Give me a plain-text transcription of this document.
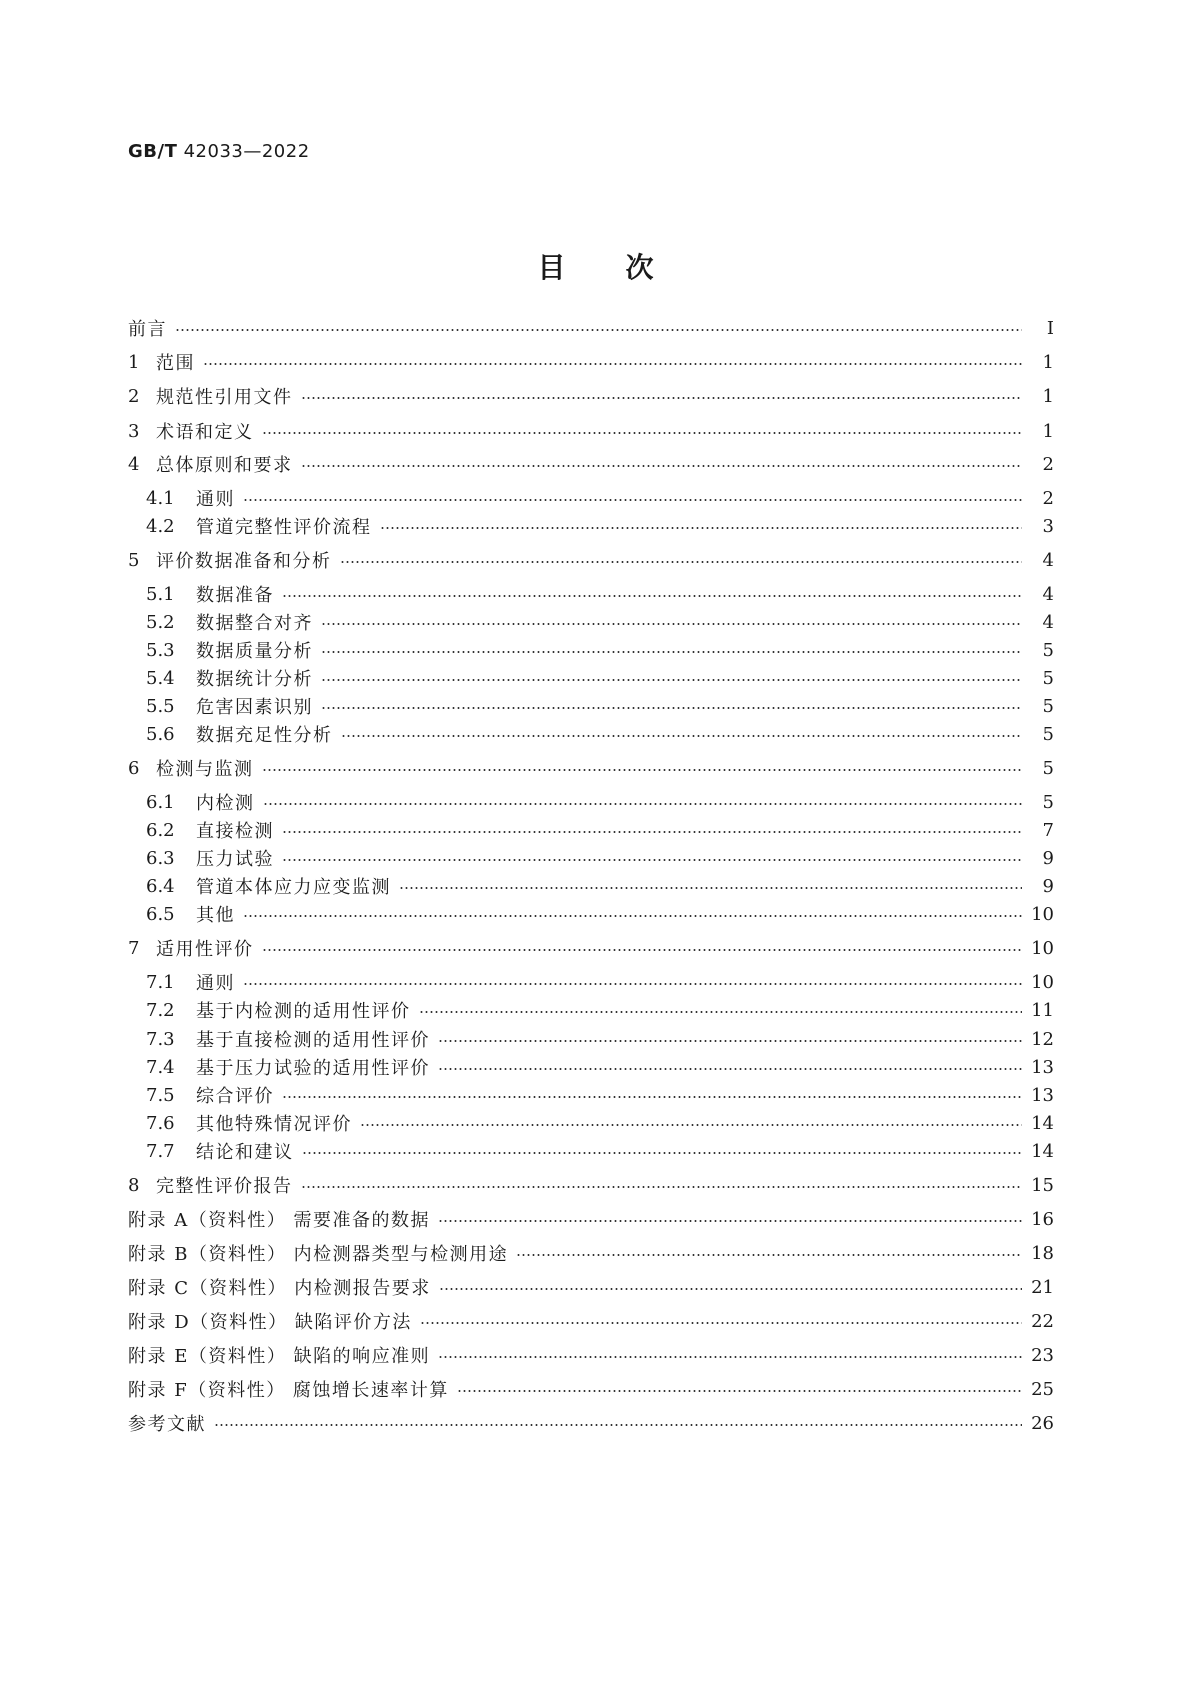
GB/T 42033—2022
目 次
前言	Ⅰ
1 范围	1
2 规范性引用文件	1
3 术语和定义	1
4 总体原则和要求	2
4.1	通则	2
4.2	管道完整性评价流程	3
5 评价数据准备和分析	4
5.1	数据准备	4
5.2	数据整合对齐	4
5.3	数据质量分析	5
5.4	数据统计分析	5
5.5	危害因素识别	5
5.6	数据充足性分析	5
6 检测与监测	5
6.1	内检测	5
6.2	直接检测	7
6.3	压力试验	9
6.4	管道本体应力应变监测	9
6.5	其他	10
7 适用性评价	10
7.1	通则	10
7.2	基于内检测的适用性评价	11
7.3	基于直接检测的适用性评价	12
7.4	基于压力试验的适用性评价	13
7.5	综合评价	13
7.6	其他特殊情况评价	14
7.7	结论和建议	14
8 完整性评价报告	15
附录 A（资料性） 需要准备的数据	16
附录 B（资料性） 内检测器类型与检测用途	18
附录 C（资料性） 内检测报告要求	21
附录 D（资料性） 缺陷评价方法	22
附录 E（资料性） 缺陷的响应准则	23
附录 F（资料性） 腐蚀增长速率计算	25
参考文献	26
